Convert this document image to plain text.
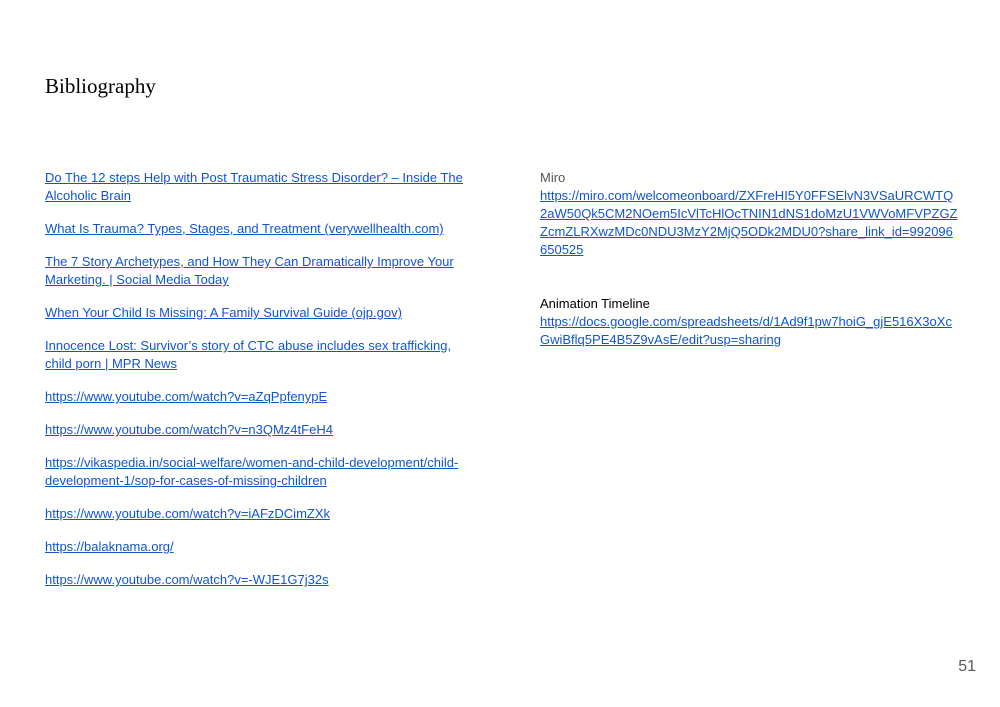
Bibliography
Do The 12 steps Help with Post Traumatic Stress Disorder? – Inside The Alcoholic Brain
What Is Trauma? Types, Stages, and Treatment (verywellhealth.com)
The 7 Story Archetypes, and How They Can Dramatically Improve Your Marketing. | Social Media Today
When Your Child Is Missing: A Family Survival Guide (ojp.gov)
Innocence Lost: Survivor’s story of CTC abuse includes sex trafficking, child porn | MPR News
https://www.youtube.com/watch?v=aZqPpfenypE
https://www.youtube.com/watch?v=n3QMz4tFeH4
https://vikaspedia.in/social-welfare/women-and-child-development/child-development-1/sop-for-cases-of-missing-children
https://www.youtube.com/watch?v=iAFzDCimZXk
https://balaknama.org/
https://www.youtube.com/watch?v=-WJE1G7j32s
Miro
https://miro.com/welcomeonboard/ZXFreHI5Y0FFSElvN3VSaURCWTQ2aW50Qk5CM2NOem5IcVlTcHlOcTNIN1dNS1doMzU1VWVoMFVPZGZZcmZLRXwzMDc0NDU3MzY2MjQ5ODk2MDU0?share_link_id=992096650525
Animation Timeline
https://docs.google.com/spreadsheets/d/1Ad9f1pw7hoiG_gjE516X3oXcGwiBflq5PE4B5Z9vAsE/edit?usp=sharing
51
